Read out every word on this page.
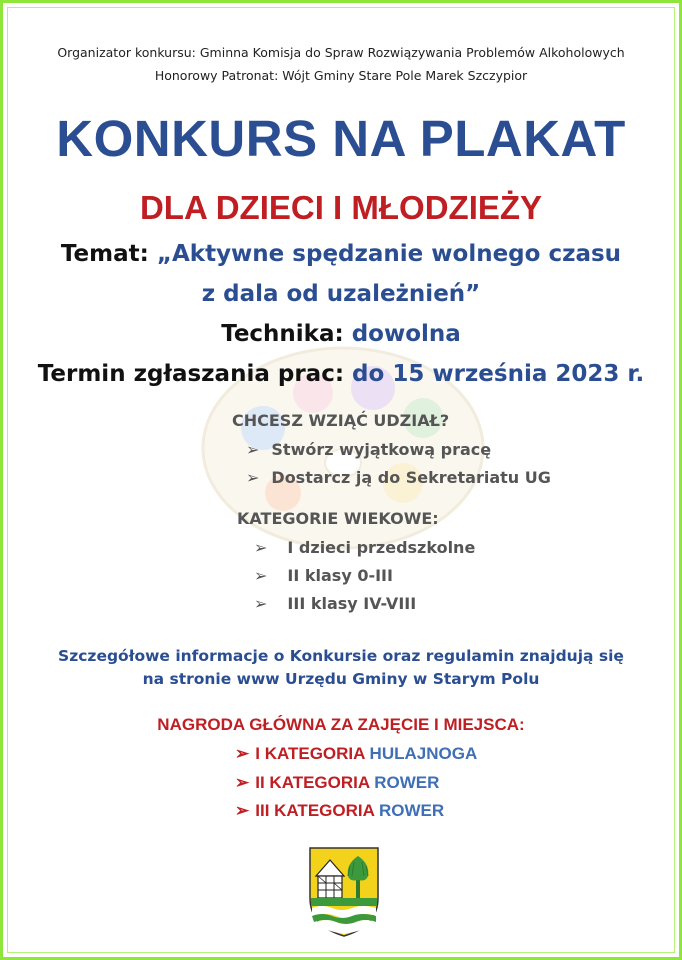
Organizator konkursu: Gminna Komisja do Spraw Rozwiązywania Problemów Alkoholowych
Honorowy Patronat: Wójt Gminy Stare Pole Marek Szczypior
KONKURS NA PLAKAT
DLA DZIECI I MŁODZIEŻY
Temat: „Aktywne spędzanie wolnego czasu
z dala od uzależnień”
Technika: dowolna
Termin zgłaszania prac: do 15 września 2023 r.
CHCESZ WZIĄĆ UDZIAŁ?
➢ Stwórz wyjątkową pracę
➢ Dostarcz ją do Sekretariatu UG
KATEGORIE WIEKOWE:
➢ I dzieci przedszkolne
➢ II klasy 0-III
➢ III klasy IV-VIII
Szczegółowe informacje o Konkursie oraz regulamin znajdują się
na stronie www Urzędu Gminy w Starym Polu
NAGRODA GŁÓWNA ZA ZAJĘCIE I MIEJSCA:
➢ I KATEGORIA HULAJNOGA
➢ II KATEGORIA ROWER
➢ III KATEGORIA ROWER
